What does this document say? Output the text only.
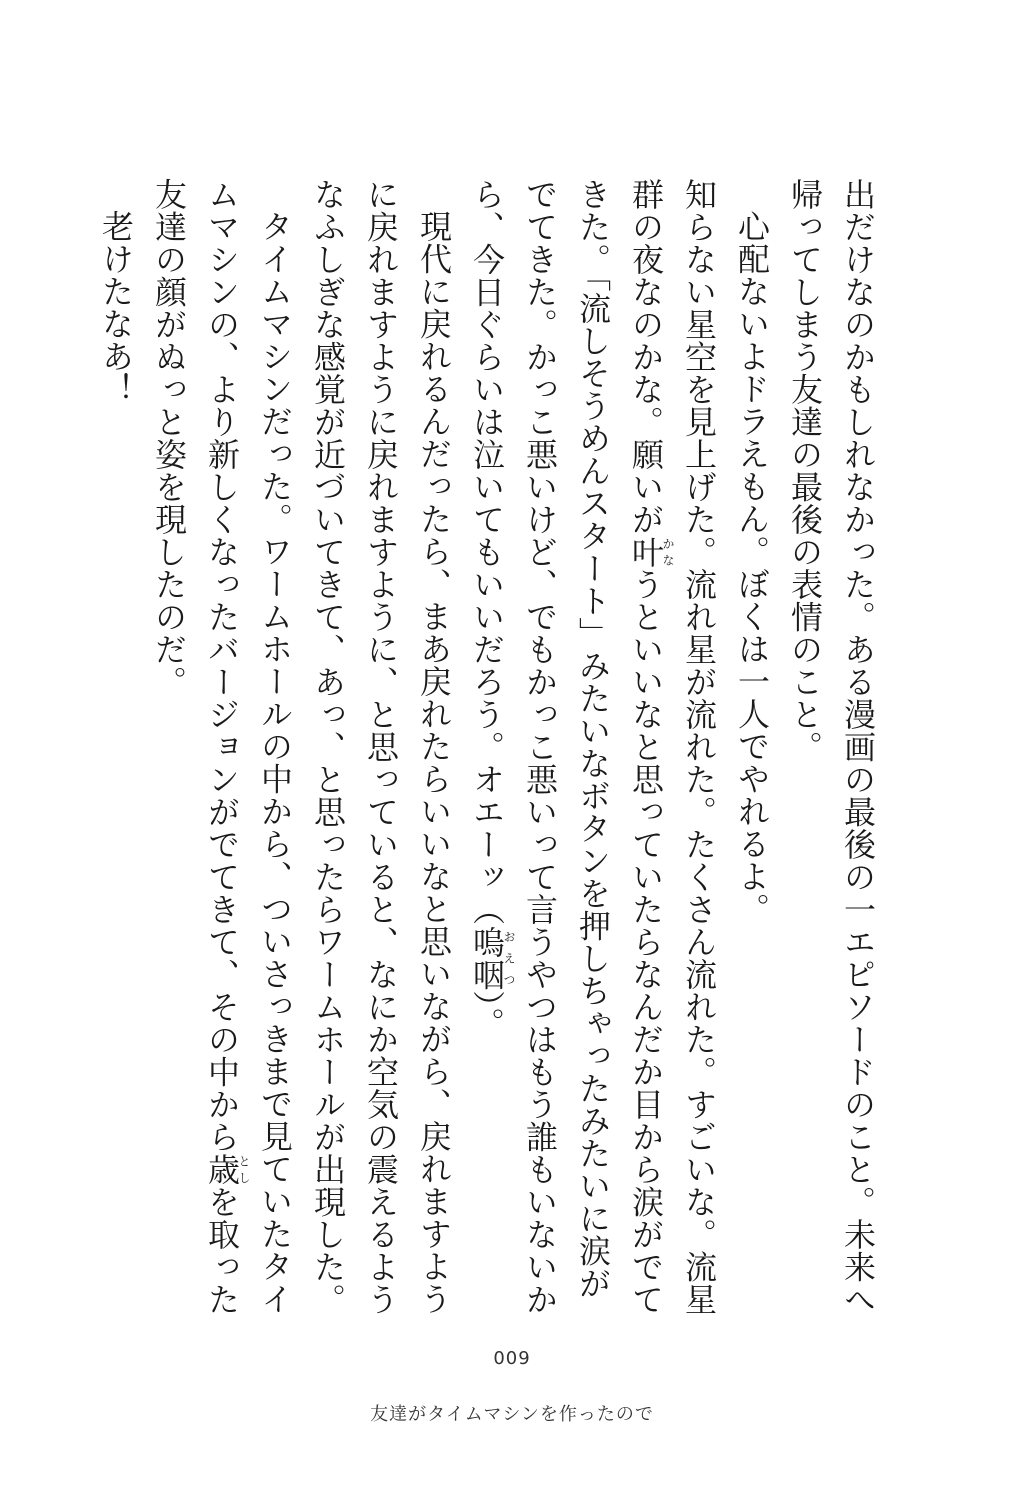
出だけなのかもしれなかった。ある漫画の最後の一エピソードのこと。未来へ帰ってしまう友達の最後の表情のこと。

心配ないよドラえもん。ぼくは一人でやれるよ。

知らない星空を見上げた。流れ星が流れた。たくさん流れた。すごいな。流星群の夜なのかな。願いが叶かなうといいなと思っていたらなんだか目から涙がでてきた。「流しそうめんスタート」みたいなボタンを押しちゃったみたいに涙がでてきた。かっこ悪いけど、でもかっこ悪いって言うやつはもう誰もいないから、今日ぐらいは泣いてもいいだろう。オエーッ（嗚咽おえつ）。

現代に戻れるんだったら、まあ戻れたらいいなと思いながら、戻れますように戻れますように戻れますように、と思っていると、なにか空気の震えるようなふしぎな感覚が近づいてきて、あっ、と思ったらワームホールが出現した。

タイムマシンだった。ワームホールの中から、ついさっきまで見ていたタイムマシンの、より新しくなったバージョンがでてきて、その中から歳としを取った友達の顔がぬっと姿を現したのだ。

老けたなあ！

009
友達がタイムマシンを作ったので
